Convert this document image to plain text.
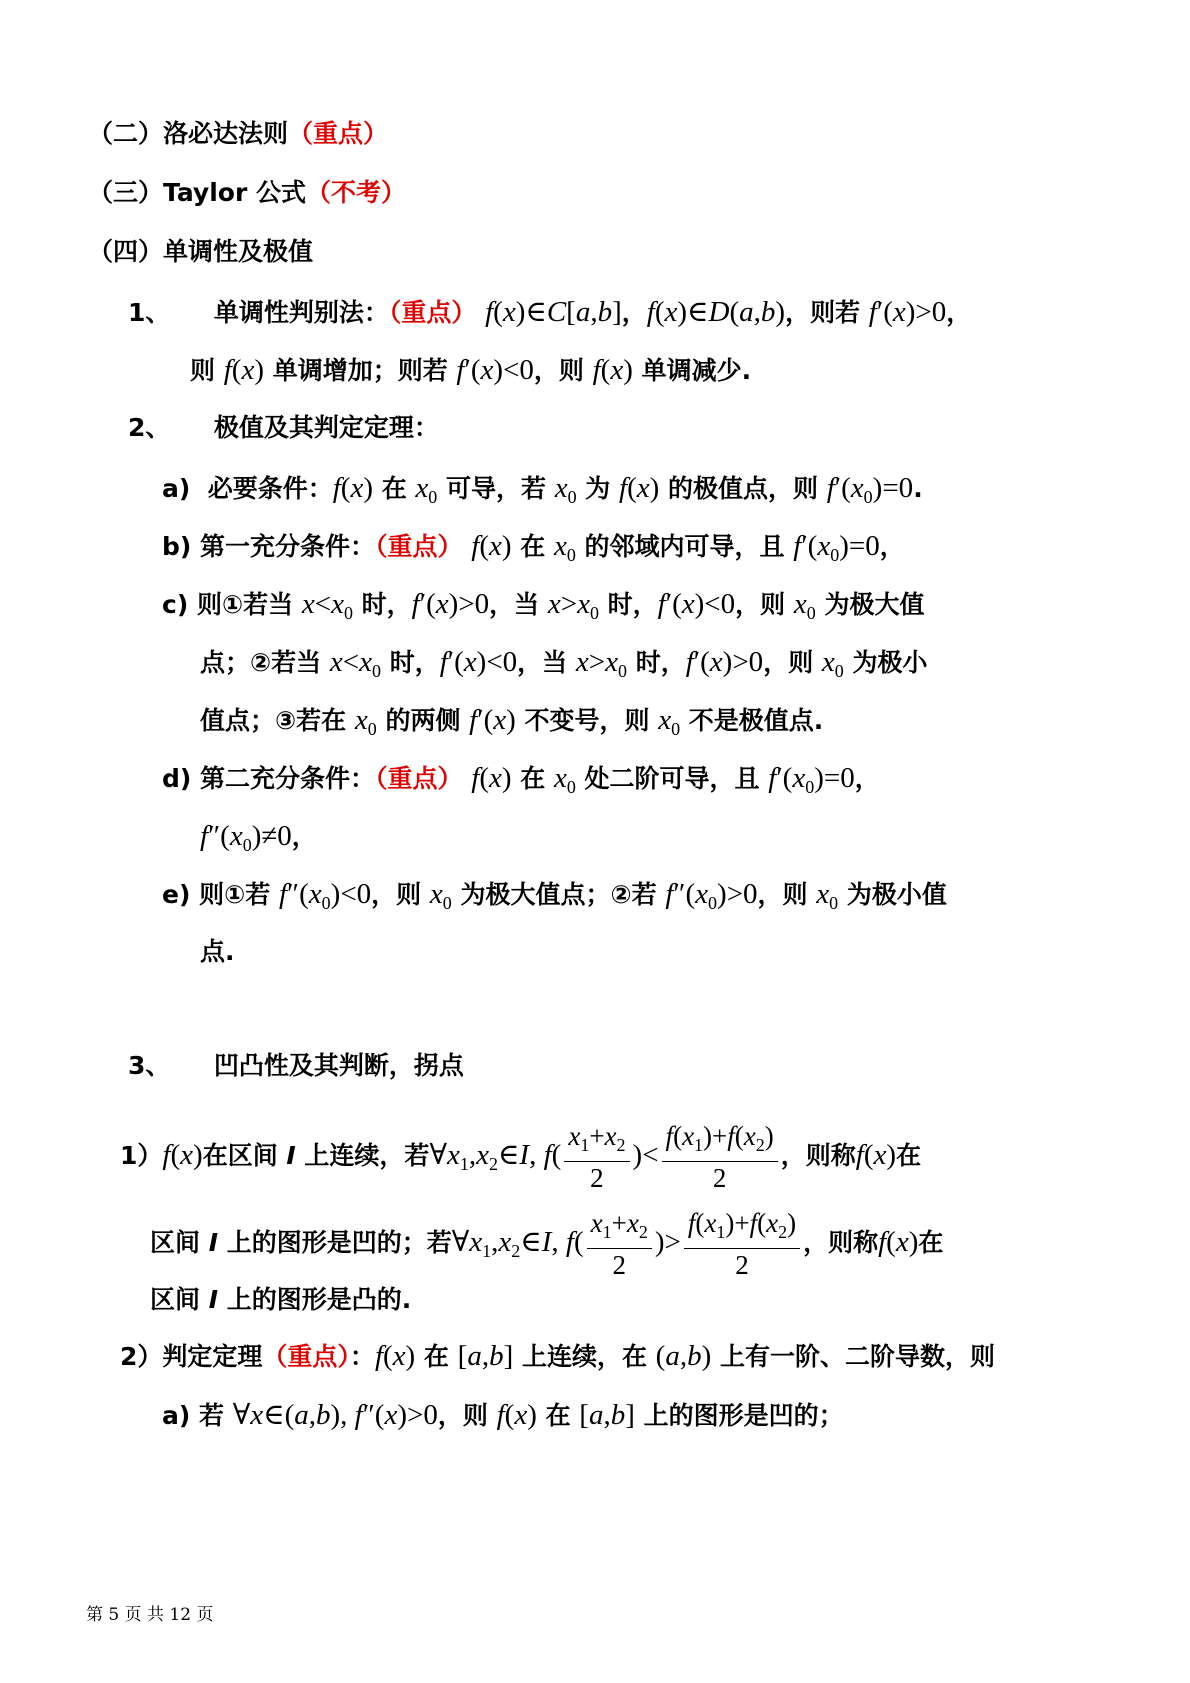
（二）洛必达法则（重点）
（三）Taylor 公式（不考）
（四）单调性及极值
1、 单调性判别法：（重点） f(x)∈C[a,b]，f(x)∈D(a,b)，则若 f′(x)>0，
则 f(x) 单调增加；则若 f′(x)<0，则 f(x) 单调减少.
2、 极值及其判定定理：
a)  必要条件：f(x) 在 $x_0$ 可导，若 $x_0$ 为 f(x) 的极值点，则 $f'(x_0)=0$.
b) 第一充分条件：（重点） f(x) 在 $x_0$ 的邻域内可导，且 $f'(x_0)=0$，
c) 则①若当 $x<x_0$ 时，f′(x)>0，当 $x>x_0$ 时，f′(x)<0，则 $x_0$ 为极大值
点；②若当 $x<x_0$ 时，f′(x)<0，当 $x>x_0$ 时，f′(x)>0，则 $x_0$ 为极小
值点；③若在 $x_0$ 的两侧 f′(x) 不变号，则 $x_0$ 不是极值点.
d) 第二充分条件：（重点） f(x) 在 $x_0$ 处二阶可导，且 $f'(x_0)=0$，
$f''(x_0)\ne 0$，
e) 则①若 $f''(x_0)<0$，则 $x_0$ 为极大值点；②若 $f''(x_0)>0$，则 $x_0$ 为极小值
点.
3、 凹凸性及其判断，拐点
1）f(x)在区间 I 上连续，若$\forall x_1,x_2\in I$, $f( \frac{x_1+x_2}{2}$ )< $\frac{f(x_1)+f(x_2)}{2}$ ，则称f(x)在
区间 I 上的图形是凹的；若$\forall x_1,x_2\in I$, $f( \frac{x_1+x_2}{2}$ )> $\frac{f(x_1)+f(x_2)}{2}$ ，则称f(x)在
区间 I 上的图形是凸的.
2）判定定理（重点）：f(x) 在 [a,b] 上连续，在 (a,b) 上有一阶、二阶导数，则
a) 若 ∀x∈(a,b), f″(x)>0，则 f(x) 在 [a,b] 上的图形是凹的；
第 5 页 共 12 页
